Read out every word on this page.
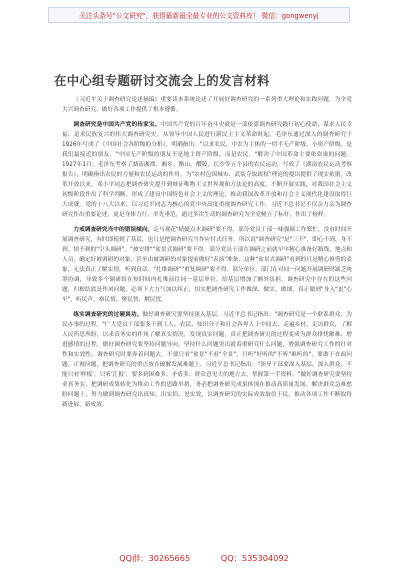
关注头条号"公文研究"，获得最新最全最专业的公文资料库！ 微信：gongwenyj
在中心组专题研讨交流会上的发言材料

《习近平关于调查研究论述摘编》重要读本系统论述了开展好调查研究的一系列重大理论和实践问题，为全党大兴调查研究、做好各项工作提供了根本遵循。

调查研究是中国共产党的传家宝。中国共产党的百年奋斗史就是一部依靠调查研究践行初心使命、谋求人民幸福、追求民族复兴的伟大调查研究史。从领导中国人民进行新民主主义革命时起，毛泽东通过深入的调查研究于1926年写成了《中国社会各阶级的分析》，明确指出："以求农民、中农为主体的一切半无产阶级、小资产阶级，是我们最接近的朋友。"中国无产阶级的朋友不是地主资产阶级，而是农民。"解决了中国革命主要依靠谁的问题。1927年1月，毛泽东考察了湖南湘潭、湘乡、衡山、醴陵、长沙等五个县的农民运动，写成了《湖南农民运动考察报告》，明确指出农民的力量和农民运动的作用。为"农村包围城市、武装夺取政权"理论的提出提供了现实依据。改革开放以来，邓小平同志把调查研究提升到辩证唯物主义世界观和方法论的高度，不断开展实践，对我国社会主义初级阶段作出了科学判断，形成了建设中国特色社会主义的理论，推动我国改革开放和社会主义现代化建设取得巨大成就。党的十八大以来，以习近平同志为核心的党中央高度重视调查研究工作。习近平总书记不仅亲力亲为调查研究作出重要论述，更是身体力行、率先垂范，通过多次生动的调查研究为全党树立了标杆，作出了榜样。

力戒调查研究当中的错误倾向。走马观花"蜻蜓点水调研"要不得。部分党员干部一味强调工作繁忙，没有时间开展调查研究，有时即使到了基层，也只是把调查研究当作应付式任务，所以说"调查研究"是"三不"，即心不到、身不到、情不到的"空头调研"。"被安排""盆景式调研"要不得。部分党员干部在调研之前就早早精心准备好路线、地点和人员，确定好被调研的对象，甚至由被调研的对象提前做好"表演"准备，这种"盆景式调研"看到的只是精心修剪的表象，无法真正了解实情，听到真话。"扎堆调研""重复调研"要不得。部分单位、部门在对同一问题开展调研时缺乏统筹协调，导致多个调研组在短时间内扎堆前往同一基层单位，给基层增加了额外负担。调查研究中存在的这些问题，归根结底是作风问题，必须下大力气加以纠正，切实把调查研究工作做深、做实、做细，真正做到"身入"更"心至"，听民声、察民情、聚民智、解民忧。

练实调查研究的过硬真功。做好调查研究要坚持深入基层，习近平总书记指出："调查研究是一个联系群众、为民办事的过程。"广大党员干部要多下到工人、农民、知识分子和社会各界人士中间去，走遍乡村、走访群众，了解人民所思所盼，以求真务实的作风了解真实情况，发现真实问题，真正把调查研究的过程变成为群众排忧解难、增进感情的过程。做好调查研究要坚持问题导向，坚持什么问题突出就着重研究什么问题，增强调查研究工作的针对性和实效性。调查研究时要奔着问题去，不要只看"盆景"不看"全景"，只听"好听的"不听"难听的"，要敢于直面问题、正视问题，把调查研究的重点放在破解发展难题上。习近平总书记指出："领导干部要深入基层、深入群众，不能只看'样板'，只听'汇报'，要多到困难多、矛盾多、群众意见大的地方去，掌握第一手资料。"做好调查研究要坚持求真务实，把调研成果转化为推动工作的思路举措，务必把调查研究成果体现在推动高质量发展、解决群众急难愁盼问题上，努力做到调查研究出真知、出实招、见实效，以调查研究的实际成效取信于民，推动各项工作不断取得新进展、新成效。

QQ群：30265665	QQ：535304092
